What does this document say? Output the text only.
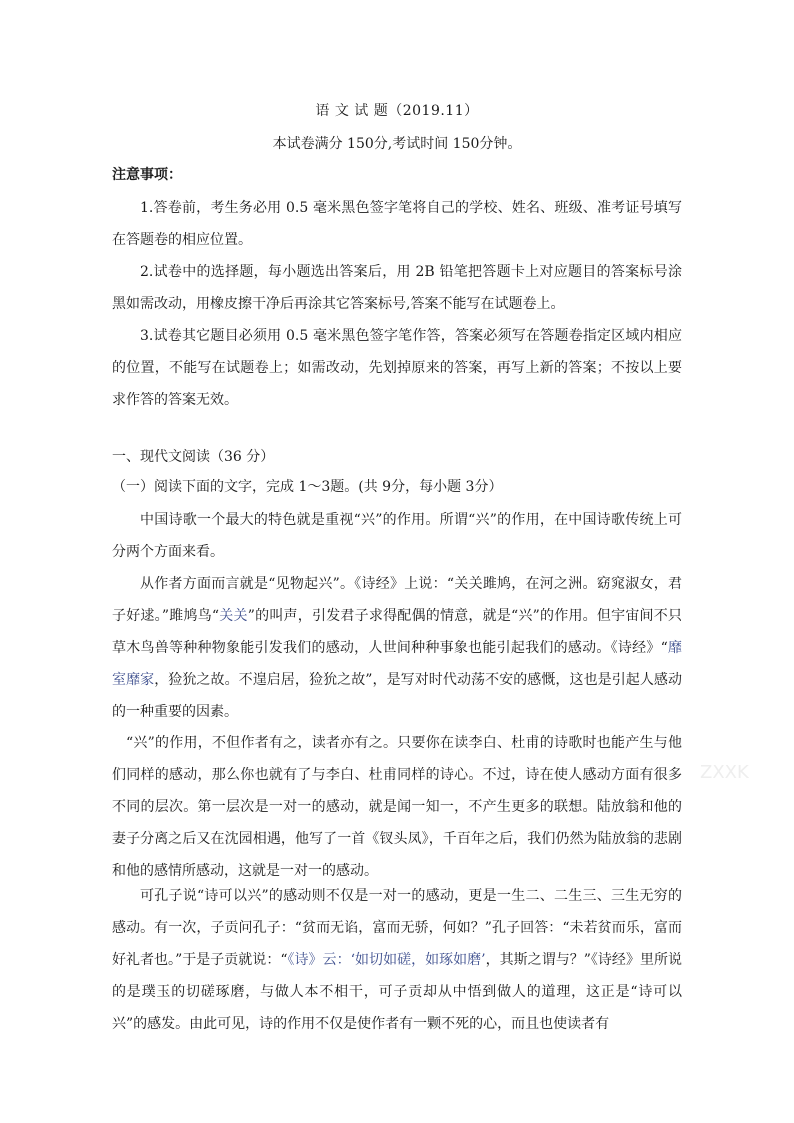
语 文 试 题（2019.11）
本试卷满分 150分,考试时间 150分钟。
注意事项：

1.答卷前，考生务必用 0.5 毫米黑色签字笔将自己的学校、姓名、班级、准考证号填写在答题卷的相应位置。

2.试卷中的选择题，每小题选出答案后，用 2B 铅笔把答题卡上对应题目的答案标号涂黑如需改动，用橡皮擦干净后再涂其它答案标号,答案不能写在试题卷上。

3.试卷其它题目必须用 0.5 毫米黑色签字笔作答，答案必须写在答题卷指定区域内相应的位置，不能写在试题卷上；如需改动，先划掉原来的答案，再写上新的答案；不按以上要求作答的答案无效。

一、现代文阅读（36 分）
（一）阅读下面的文字，完成 1～3题。(共 9分，每小题 3分）

中国诗歌一个最大的特色就是重视“兴”的作用。所谓“兴”的作用，在中国诗歌传统上可分两个方面来看。

从作者方面而言就是“见物起兴”。《诗经》上说：“关关雎鸠，在河之洲。窈窕淑女，君子好逑。”雎鸠鸟“关关”的叫声，引发君子求得配偶的情意，就是“兴”的作用。但宇宙间不只草木鸟兽等种种物象能引发我们的感动，人世间种种事象也能引起我们的感动。《诗经》“靡室靡家，猃狁之故。不遑启居，猃狁之故”，是写对时代动荡不安的感慨，这也是引起人感动的一种重要的因素。

“兴”的作用，不但作者有之，读者亦有之。只要你在读李白、杜甫的诗歌时也能产生与他们同样的感动，那么你也就有了与李白、杜甫同样的诗心。不过，诗在使人感动方面有很多不同的层次。第一层次是一对一的感动，就是闻一知一，不产生更多的联想。陆放翁和他的妻子分离之后又在沈园相遇，他写了一首《钗头凤》，千百年之后，我们仍然为陆放翁的悲剧和他的感情所感动，这就是一对一的感动。

可孔子说“诗可以兴”的感动则不仅是一对一的感动，更是一生二、二生三、三生无穷的感动。有一次，子贡问孔子：“贫而无谄，富而无骄，何如？”孔子回答：“未若贫而乐，富而好礼者也。”于是子贡就说：“《诗》云：‘如切如磋，如琢如磨’，其斯之谓与？”《诗经》里所说的是璞玉的切磋琢磨，与做人本不相干，可子贡却从中悟到做人的道理，这正是“诗可以兴”的感发。由此可见，诗的作用不仅是使作者有一颗不死的心，而且也使读者有

ZXXK
